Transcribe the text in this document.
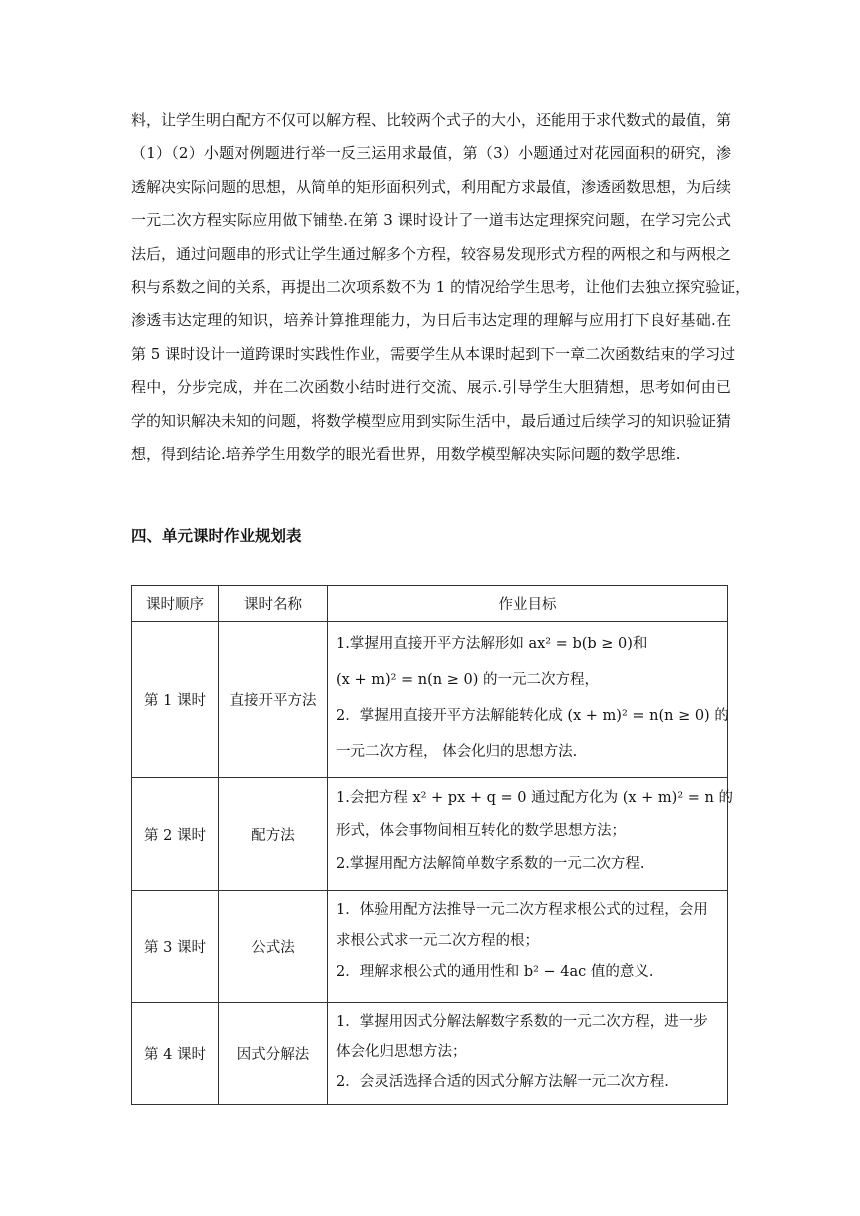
料，让学生明白配方不仅可以解方程、比较两个式子的大小，还能用于求代数式的最值，第
（1）（2）小题对例题进行举一反三运用求最值，第（3）小题通过对花园面积的研究，渗
透解决实际问题的思想，从简单的矩形面积列式，利用配方求最值，渗透函数思想，为后续
一元二次方程实际应用做下铺垫.在第 3 课时设计了一道韦达定理探究问题，在学习完公式
法后，通过问题串的形式让学生通过解多个方程，较容易发现形式方程的两根之和与两根之
积与系数之间的关系，再提出二次项系数不为 1 的情况给学生思考，让他们去独立探究验证，
渗透韦达定理的知识，培养计算推理能力，为日后韦达定理的理解与应用打下良好基础.在
第 5 课时设计一道跨课时实践性作业，需要学生从本课时起到下一章二次函数结束的学习过
程中，分步完成，并在二次函数小结时进行交流、展示.引导学生大胆猜想，思考如何由已
学的知识解决未知的问题，将数学模型应用到实际生活中，最后通过后续学习的知识验证猜
想，得到结论.培养学生用数学的眼光看世界，用数学模型解决实际问题的数学思维.
四、单元课时作业规划表
课时顺序	课时名称	作业目标
第 1 课时	直接开平方法	1.掌握用直接开平方法解形如 ax² = b(b ≥ 0)和
(x + m)² = n(n ≥ 0) 的一元二次方程，
2．掌握用直接开平方法解能转化成 (x + m)² = n(n ≥ 0) 的
一元二次方程， 体会化归的思想方法.

第 2 课时	配方法	1.会把方程 x² + px + q = 0 通过配方化为 (x + m)² = n 的
形式，体会事物间相互转化的数学思想方法；
2.掌握用配方法解简单数字系数的一元二次方程.

第 3 课时	公式法	1．体验用配方法推导一元二次方程求根公式的过程，会用
求根公式求一元二次方程的根；
2．理解求根公式的通用性和 b² − 4ac 值的意义.

第 4 课时	因式分解法	1．掌握用因式分解法解数字系数的一元二次方程，进一步
体会化归思想方法；
2．会灵活选择合适的因式分解方法解一元二次方程.
